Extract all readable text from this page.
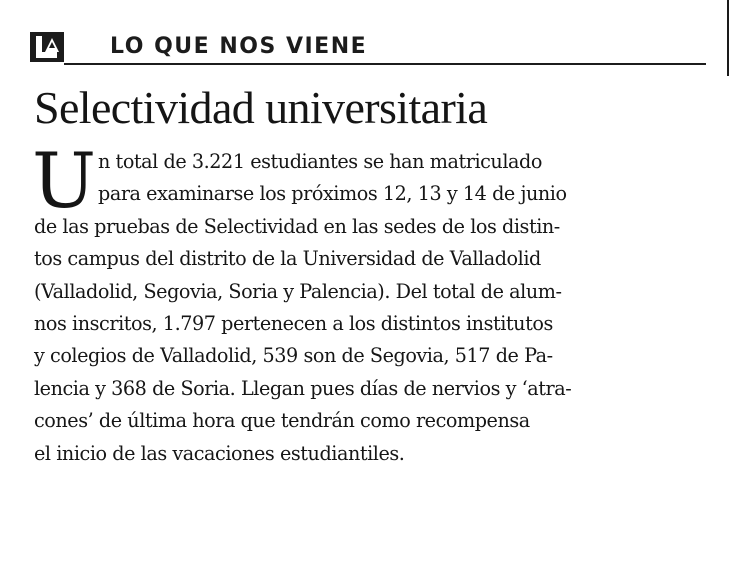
LO QUE NOS VIENE
Selectividad universitaria
U n total de 3.221 estudiantes se han matriculado
para examinarse los próximos 12, 13 y 14 de junio
de las pruebas de Selectividad en las sedes de los distin-
tos campus del distrito de la Universidad de Valladolid
(Valladolid, Segovia, Soria y Palencia). Del total de alum-
nos inscritos, 1.797 pertenecen a los distintos institutos
y colegios de Valladolid, 539 son de Segovia, 517 de Pa-
lencia y 368 de Soria. Llegan pues días de nervios y ‘atra-
cones’ de última hora que tendrán como recompensa
el inicio de las vacaciones estudiantiles.
